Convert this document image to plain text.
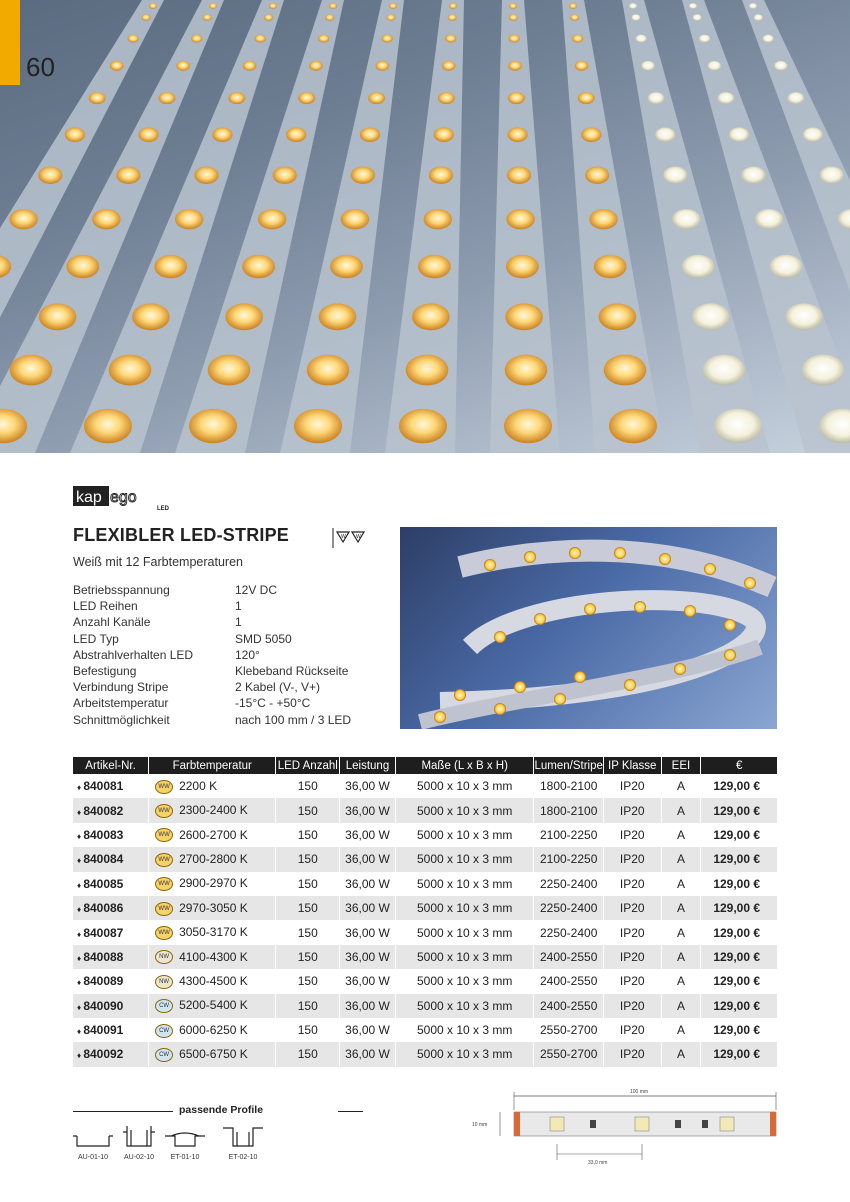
60
kap ego
LED
FLEXIBLER LED-STRIPE	W W
Weiß mit 12 Farbtemperaturen
Betriebsspannung	12V DC
LED Reihen	1
Anzahl Kanäle	1
LED Typ	SMD 5050
Abstrahlverhalten LED	120°
Befestigung	Klebeband Rückseite
Verbindung Stripe	2 Kabel (V-, V+)
Arbeitstemperatur	-15°C - +50°C
Schnittmöglichkeit	nach 100 mm / 3 LED
Artikel-Nr.	Farbtemperatur	LED Anzahl	Leistung	Maße (L x B x H)	Lumen/Stripe	IP Klasse	EEI	€
♦ 840081	WW 2200 K	150	36,00 W	5000 x 10 x 3 mm	1800-2100	IP20	A	129,00 €
♦ 840082	WW 2300-2400 K	150	36,00 W	5000 x 10 x 3 mm	1800-2100	IP20	A	129,00 €
♦ 840083	WW 2600-2700 K	150	36,00 W	5000 x 10 x 3 mm	2100-2250	IP20	A	129,00 €
♦ 840084	WW 2700-2800 K	150	36,00 W	5000 x 10 x 3 mm	2100-2250	IP20	A	129,00 €
♦ 840085	WW 2900-2970 K	150	36,00 W	5000 x 10 x 3 mm	2250-2400	IP20	A	129,00 €
♦ 840086	WW 2970-3050 K	150	36,00 W	5000 x 10 x 3 mm	2250-2400	IP20	A	129,00 €
♦ 840087	WW 3050-3170 K	150	36,00 W	5000 x 10 x 3 mm	2250-2400	IP20	A	129,00 €
♦ 840088	NW 4100-4300 K	150	36,00 W	5000 x 10 x 3 mm	2400-2550	IP20	A	129,00 €
♦ 840089	NW 4300-4500 K	150	36,00 W	5000 x 10 x 3 mm	2400-2550	IP20	A	129,00 €
♦ 840090	CW 5200-5400 K	150	36,00 W	5000 x 10 x 3 mm	2400-2550	IP20	A	129,00 €
♦ 840091	CW 6000-6250 K	150	36,00 W	5000 x 10 x 3 mm	2550-2700	IP20	A	129,00 €
♦ 840092	CW 6500-6750 K	150	36,00 W	5000 x 10 x 3 mm	2550-2700	IP20	A	129,00 €
passende Profile
AU-01-10	AU-02-10	ET-01-10	ET-02-10
100 mm
10 mm
33,0 mm
